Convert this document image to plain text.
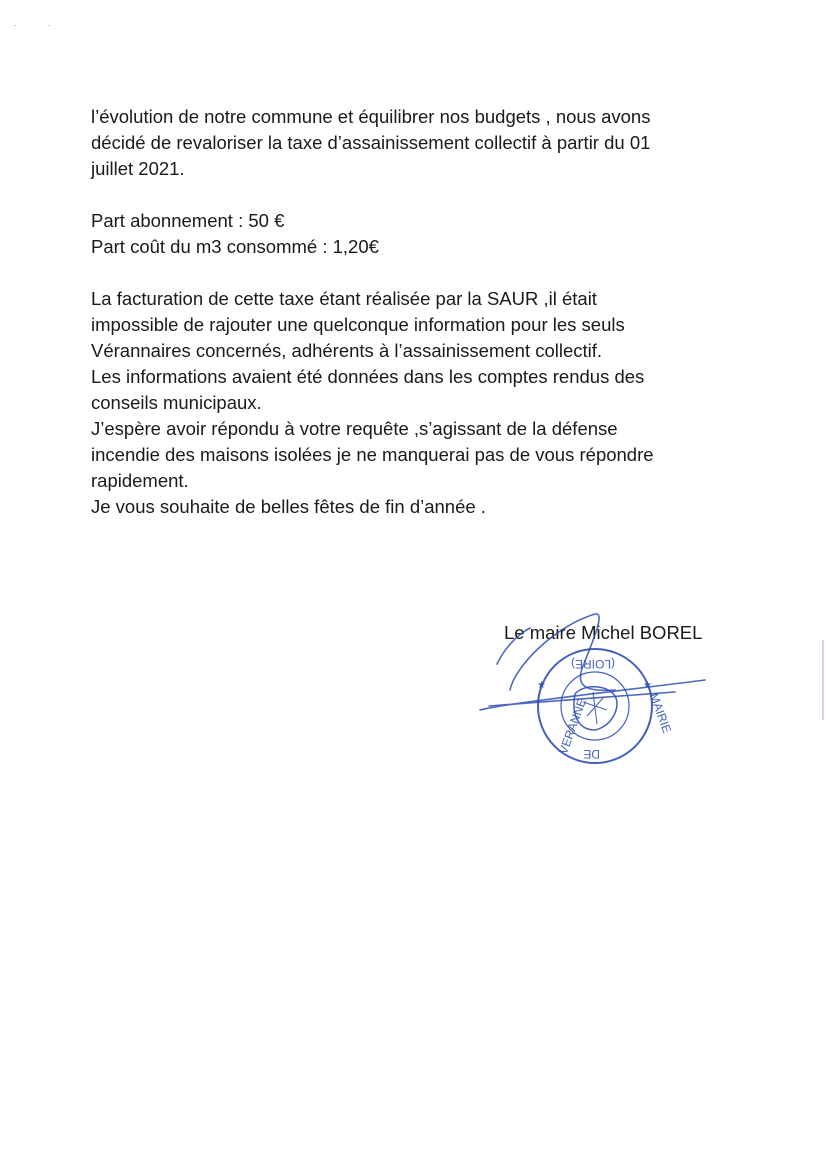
· ·

l’évolution de notre commune et équilibrer nos budgets , nous avons
décidé de revaloriser la taxe d’assainissement collectif à partir du 01
juillet 2021.

Part abonnement : 50 €
Part coût du m3 consommé : 1,20€

La facturation de cette taxe étant réalisée par la SAUR ,il était
impossible de rajouter une quelconque information pour les seuls
Vérannaires concernés, adhérents à l’assainissement collectif.
Les informations avaient été données dans les comptes rendus des
conseils municipaux.
J’espère avoir répondu à votre requête ,s’agissant de la défense
incendie des maisons isolées je ne manquerai pas de vous répondre
rapidement.
Je vous souhaite de belles fêtes de fin d’année .

Le maire Michel BOREL
(LOIRE)
VERANNE
DE
MAIRIE
★	★
